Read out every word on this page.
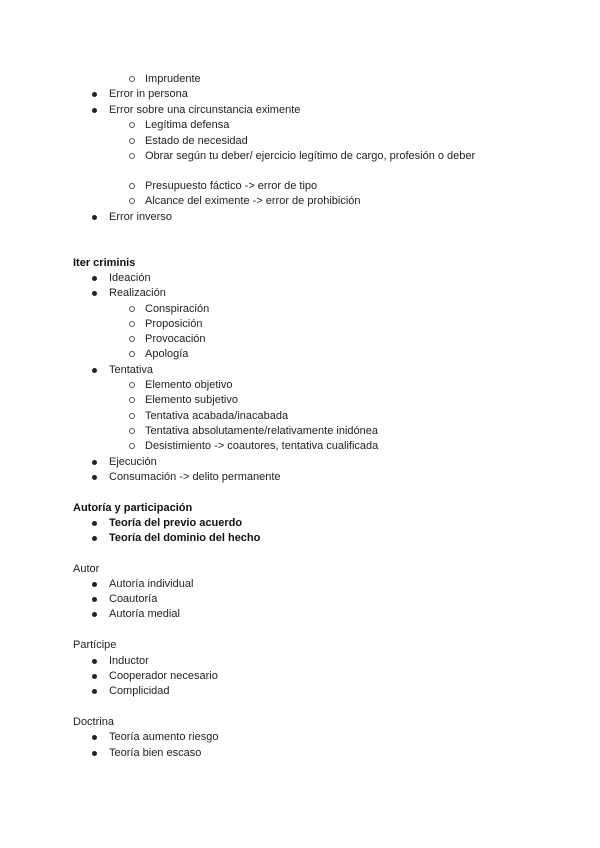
Imprudente
Error in persona
Error sobre una circunstancia eximente
Legítima defensa
Estado de necesidad
Obrar según tu deber/ ejercicio legítimo de cargo, profesión o deber
Presupuesto fáctico -> error de tipo
Alcance del eximente -> error de prohibición
Error inverso
Iter criminis
Ideación
Realización
Conspiración
Proposición
Provocación
Apología
Tentativa
Elemento objetivo
Elemento subjetivo
Tentativa acabada/inacabada
Tentativa absolutamente/relativamente inidónea
Desistimiento -> coautores, tentativa cualificada
Ejecución
Consumación -> delito permanente
Autoría y participación
Teoría del previo acuerdo
Teoría del dominio del hecho
Autor
Autoría individual
Coautoría
Autoría medial
Partícipe
Inductor
Cooperador necesario
Complicidad
Doctrina
Teoría aumento riesgo
Teoría bien escaso
